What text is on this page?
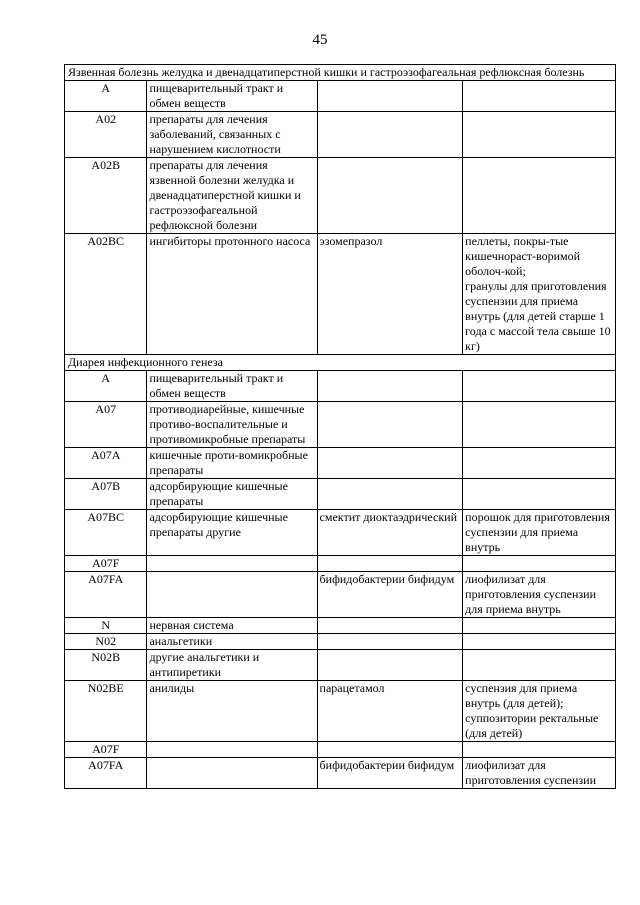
45
Язвенная болезнь желудка и двенадцатиперстной кишки и гастроэзофагеальная рефлюксная болезнь			
A	пищеварительный тракт и обмен веществ		
A02	препараты для лечения заболеваний, связанных с нарушением кислотности		
A02B	препараты для лечения язвенной болезни желудка и двенадцатиперстной кишки и гастроэзофагеальной рефлюксной болезни		
A02BC	ингибиторы протонного насоса	эзомепразол	пеллеты, покры-тые кишечнораст-воримой оболоч-кой;
гранулы для приготовления суспензии для приема внутрь (для детей старше 1 года с массой тела свыше 10 кг)
Диарея инфекционного генеза			
A	пищеварительный тракт и обмен веществ		
A07	противодиарейные, кишечные противо-воспалительные и противомикробные препараты		
A07A	кишечные проти-вомикробные препараты		
A07B	адсорбирующие кишечные препараты		
A07BC	адсорбирующие кишечные препараты другие	смектит диоктаэдрический	порошок для приготовления суспензии для приема внутрь
A07F			
A07FA		бифидобактерии бифидум	лиофилизат для приготовления суспензии для приема внутрь
N	нервная система		
N02	анальгетики		
N02B	другие анальгетики и антипиретики		
N02BE	анилиды	парацетамол	суспензия для приема внутрь (для детей);
суппозитории ректальные (для детей)
A07F			
A07FA		бифидобактерии бифидум	лиофилизат для приготовления суспензии
